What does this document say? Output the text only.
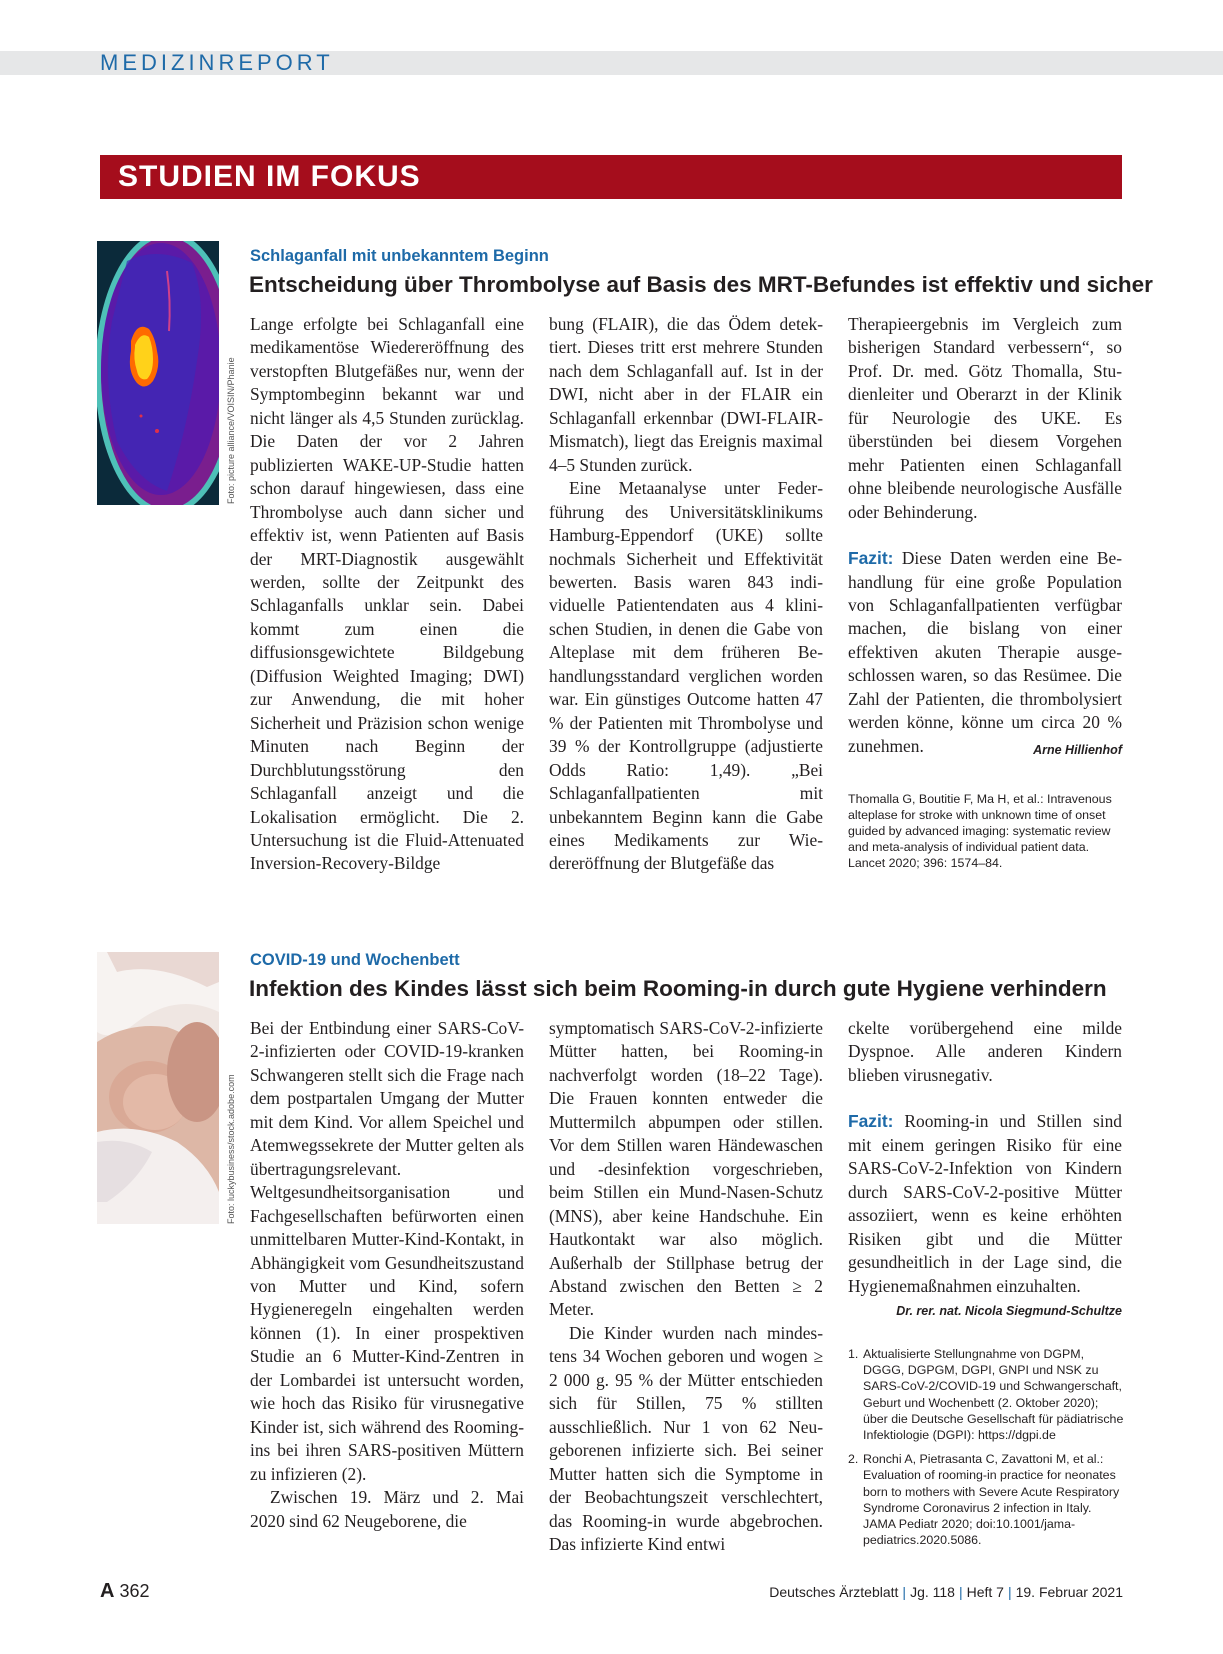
MEDIZINREPORT
STUDIEN IM FOKUS
Foto: picture alliance/VOISIN/Phanie
Schlaganfall mit unbekanntem Beginn
Entscheidung über Thrombolyse auf Basis des MRT-Befundes ist effektiv und sicher

Lange erfolgte bei Schlaganfall eine medikamentöse Wiedereröffnung des verstopften Blutgefäßes nur, wenn der Symptombeginn bekannt war und nicht länger als 4,5 Stunden zurücklag. Die Daten der vor 2 Jahren publizierten WAKE-UP-Studie hatten schon darauf hingewiesen, dass eine Thrombolyse auch dann sicher und effektiv ist, wenn Patienten auf Basis der MRT-Diagnostik ausgewählt werden, sollte der Zeitpunkt des Schlaganfalls unklar sein. Dabei kommt zum einen die diffusionsgewichtete Bildgebung (Diffusion Weighted Imaging; DWI) zur Anwendung, die mit hoher Sicherheit und Präzision schon wenige Minuten nach Beginn der Durchblutungsstörung den Schlaganfall anzeigt und die Lokalisation ermöglicht. Die 2. Untersuchung ist die Fluid-Attenuated Inversion-Recovery-Bildge

bung (FLAIR), die das Ödem detektiert. Dieses tritt erst mehrere Stunden nach dem Schlaganfall auf. Ist in der DWI, nicht aber in der FLAIR ein Schlaganfall erkennbar (DWI-FLAIR-Mismatch), liegt das Ereignis maximal 4–5 Stunden zurück.

Eine Metaanalyse unter Federführung des Universitätsklinikums Hamburg-Eppendorf (UKE) sollte nochmals Sicherheit und Effektivität bewerten. Basis waren 843 individuelle Patientendaten aus 4 klinischen Studien, in denen die Gabe von Alteplase mit dem früheren Behandlungsstandard verglichen worden war. Ein günstiges Outcome hatten 47 % der Patienten mit Thrombolyse und 39 % der Kontrollgruppe (adjustierte Odds Ratio: 1,49). „Bei Schlaganfallpatienten mit unbekanntem Beginn kann die Gabe eines Medikaments zur Wiedereröffnung der Blutgefäße das

Therapieergebnis im Vergleich zum bisherigen Standard verbessern“, so Prof. Dr. med. Götz Thomalla, Studienleiter und Oberarzt in der Klinik für Neurologie des UKE. Es überstünden bei diesem Vorgehen mehr Patienten einen Schlaganfall ohne bleibende neurologische Ausfälle oder Behinderung.

Fazit: Diese Daten werden eine Behandlung für eine große Population von Schlaganfallpatienten verfügbar machen, die bislang von einer effektiven akuten Therapie ausgeschlossen waren, so das Resümee. Die Zahl der Patienten, die thrombolysiert werden könne, könne um circa 20 % zunehmen.	Arne Hillienhof

Thomalla G, Boutitie F, Ma H, et al.: Intravenous alteplase for stroke with unknown time of onset guided by advanced imaging: systematic review and meta-analysis of individual patient data. Lancet 2020; 396: 1574–84.
Foto: luckybusiness/stock.adobe.com
COVID-19 und Wochenbett
Infektion des Kindes lässt sich beim Rooming-in durch gute Hygiene verhindern

Bei der Entbindung einer SARS-CoV-2-infizierten oder COVID-19-kranken Schwangeren stellt sich die Frage nach dem postpartalen Umgang der Mutter mit dem Kind. Vor allem Speichel und Atemwegssekrete der Mutter gelten als übertragungsrelevant. Weltgesundheitsorganisation und Fachgesellschaften befürworten einen unmittelbaren Mutter-Kind-Kontakt, in Abhängigkeit vom Gesundheitszustand von Mutter und Kind, sofern Hygieneregeln eingehalten werden können (1). In einer prospektiven Studie an 6 Mutter-Kind-Zentren in der Lombardei ist untersucht worden, wie hoch das Risiko für virusnegative Kinder ist, sich während des Rooming-ins bei ihren SARS-positiven Müttern zu infizieren (2).

Zwischen 19. März und 2. Mai 2020 sind 62 Neugeborene, die

symptomatisch SARS-CoV-2-infizierte Mütter hatten, bei Rooming-in nachverfolgt worden (18–22 Tage). Die Frauen konnten entweder die Muttermilch abpumpen oder stillen. Vor dem Stillen waren Händewaschen und -desinfektion vorgeschrieben, beim Stillen ein Mund-Nasen-Schutz (MNS), aber keine Handschuhe. Ein Hautkontakt war also möglich. Außerhalb der Stillphase betrug der Abstand zwischen den Betten ≥ 2 Meter.

Die Kinder wurden nach mindestens 34 Wochen geboren und wogen ≥ 2 000 g. 95 % der Mütter entschieden sich für Stillen, 75 % stillten ausschließlich. Nur 1 von 62 Neugeborenen infizierte sich. Bei seiner Mutter hatten sich die Symptome in der Beobachtungszeit verschlechtert, das Rooming-in wurde abgebrochen. Das infizierte Kind entwi

ckelte vorübergehend eine milde Dyspnoe. Alle anderen Kindern blieben virusnegativ.

Fazit: Rooming-in und Stillen sind mit einem geringen Risiko für eine SARS-CoV-2-Infektion von Kindern durch SARS-CoV-2-positive Mütter assoziiert, wenn es keine erhöhten Risiken gibt und die Mütter gesundheitlich in der Lage sind, die Hygienemaßnahmen einzuhalten.

Dr. rer. nat. Nicola Siegmund-Schultze
1. Aktualisierte Stellungnahme von DGPM, DGGG, DGPGM, DGPI, GNPI und NSK zu SARS-CoV-2/COVID-19 und Schwangerschaft, Geburt und Wochenbett (2. Oktober 2020); über die Deutsche Gesellschaft für pädiatrische Infektiologie (DGPI): https://dgpi.de
2. Ronchi A, Pietrasanta C, Zavattoni M, et al.: Evaluation of rooming-in practice for neonates born to mothers with Severe Acute Respiratory Syndrome Coronavirus 2 infection in Italy. JAMA Pediatr 2020; doi:10.1001/jamapediatrics.2020.5086.
A 362	Deutsches Ärzteblatt | Jg. 118 | Heft 7 | 19. Februar 2021
